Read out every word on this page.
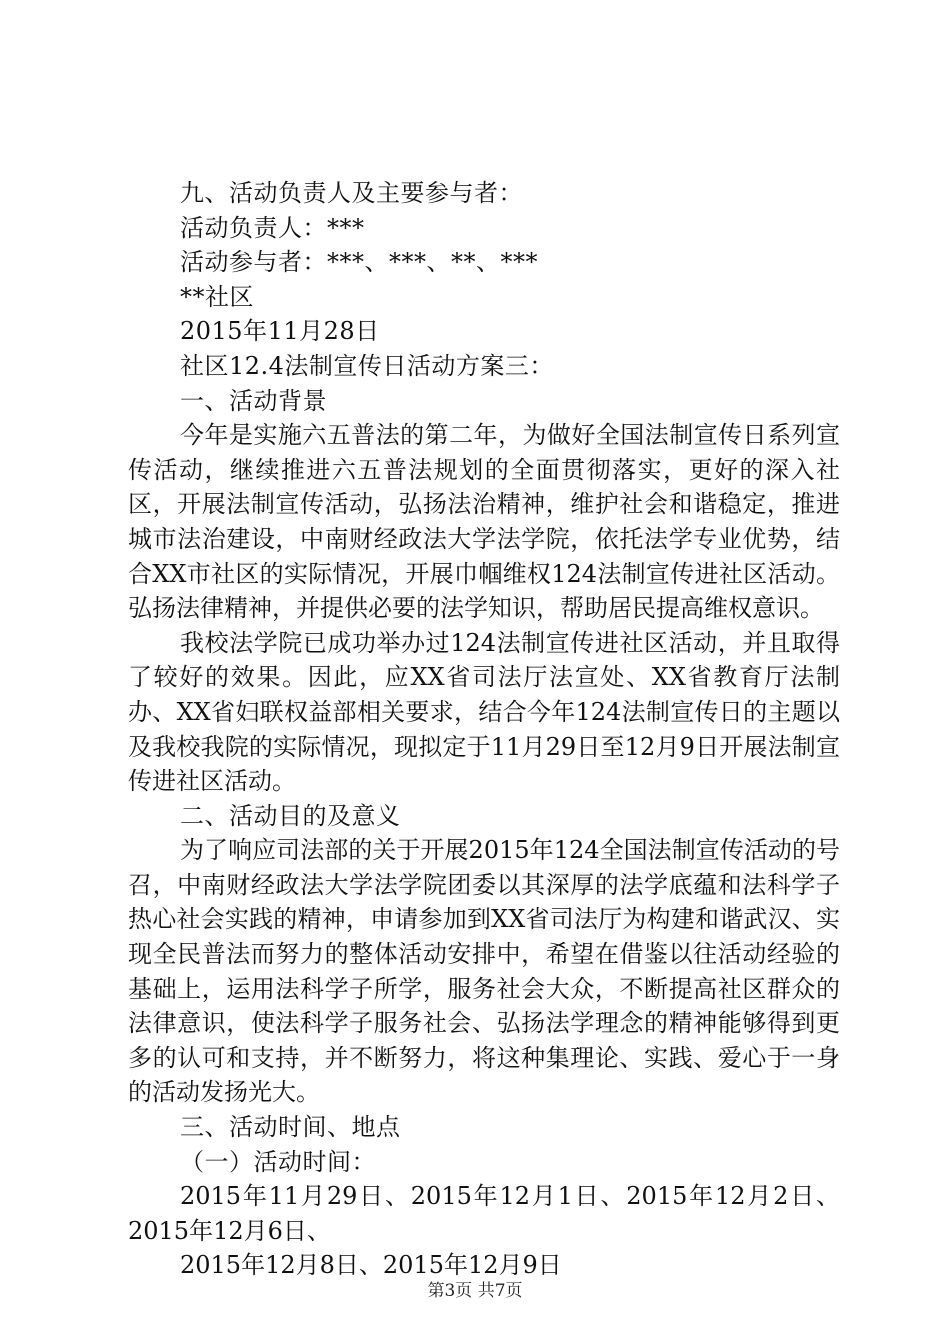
九、活动负责人及主要参与者：
活动负责人：***
活动参与者：***、***、**、***
**社区
2015年11月28日
社区12.4法制宣传日活动方案三：
一、活动背景
今年是实施六五普法的第二年，为做好全国法制宣传日系列宣传活动，继续推进六五普法规划的全面贯彻落实，更好的深入社区，开展法制宣传活动，弘扬法治精神，维护社会和谐稳定，推进城市法治建设，中南财经政法大学法学院，依托法学专业优势，结合XX市社区的实际情况，开展巾帼维权124法制宣传进社区活动。弘扬法律精神，并提供必要的法学知识，帮助居民提高维权意识。
我校法学院已成功举办过124法制宣传进社区活动，并且取得了较好的效果。因此，应XX省司法厅法宣处、XX省教育厅法制办、XX省妇联权益部相关要求，结合今年124法制宣传日的主题以及我校我院的实际情况，现拟定于11月29日至12月9日开展法制宣传进社区活动。
二、活动目的及意义
为了响应司法部的关于开展2015年124全国法制宣传活动的号召，中南财经政法大学法学院团委以其深厚的法学底蕴和法科学子热心社会实践的精神，申请参加到XX省司法厅为构建和谐武汉、实现全民普法而努力的整体活动安排中，希望在借鉴以往活动经验的基础上，运用法科学子所学，服务社会大众，不断提高社区群众的法律意识，使法科学子服务社会、弘扬法学理念的精神能够得到更多的认可和支持，并不断努力，将这种集理论、实践、爱心于一身的活动发扬光大。
三、活动时间、地点
（一）活动时间：
2015年11月29日、2015年12月1日、2015年12月2日、2015年12月6日、
2015年12月8日、2015年12月9日
第3页 共7页
